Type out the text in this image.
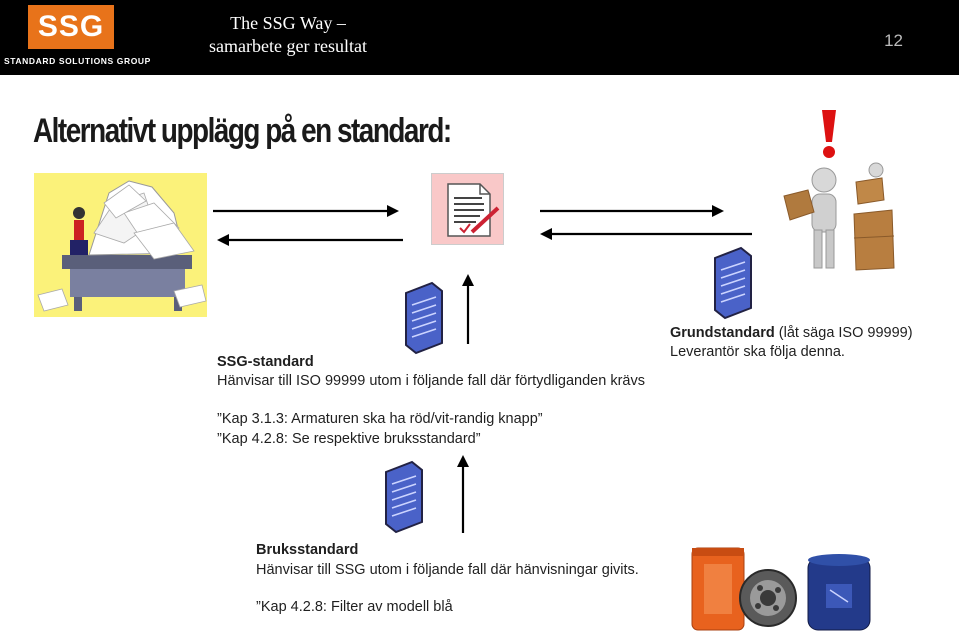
SSG
STANDARD SOLUTIONS GROUP
The SSG Way –
samarbete ger resultat	12
Alternativt upplägg på en standard:
Grundstandard (låt säga ISO 99999)
Leverantör ska följa denna.
SSG-standard
Hänvisar till ISO 99999 utom i följande fall där förtydliganden krävs
”Kap 3.1.3: Armaturen ska ha röd/vit-randig knapp”
”Kap 4.2.8: Se respektive bruksstandard”
Bruksstandard
Hänvisar till SSG utom i följande fall där hänvisningar givits.
”Kap 4.2.8: Filter av modell blå
